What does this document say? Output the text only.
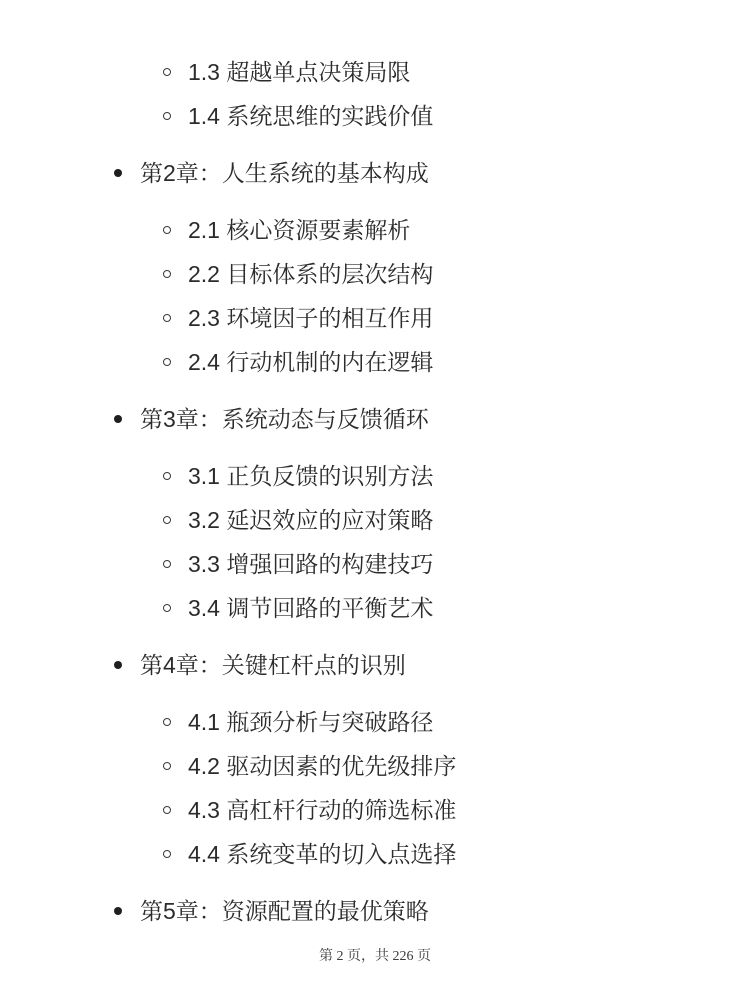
1.3 超越单点决策局限
1.4 系统思维的实践价值
第2章：人生系统的基本构成
2.1 核心资源要素解析
2.2 目标体系的层次结构
2.3 环境因子的相互作用
2.4 行动机制的内在逻辑
第3章：系统动态与反馈循环
3.1 正负反馈的识别方法
3.2 延迟效应的应对策略
3.3 增强回路的构建技巧
3.4 调节回路的平衡艺术
第4章：关键杠杆点的识别
4.1 瓶颈分析与突破路径
4.2 驱动因素的优先级排序
4.3 高杠杆行动的筛选标准
4.4 系统变革的切入点选择
第5章：资源配置的最优策略
第 2 页，共 226 页
